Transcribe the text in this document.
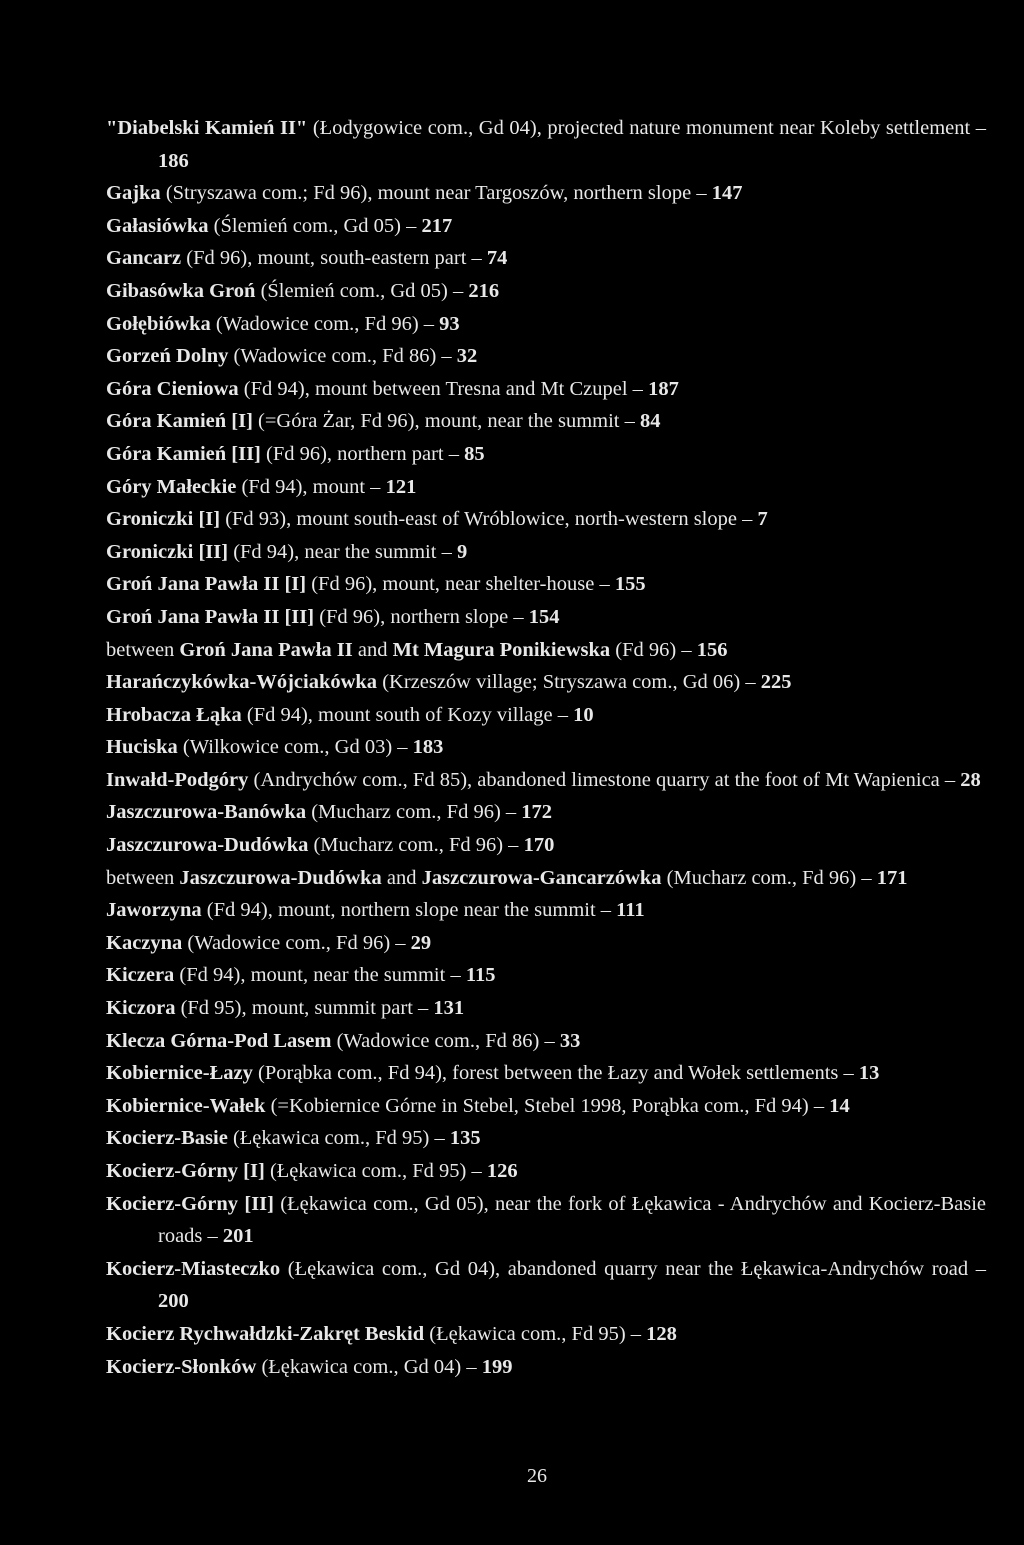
"Diabelski Kamień II" (Łodygowice com., Gd 04), projected nature monument near Koleby settlement – 186

Gajka (Stryszawa com.; Fd 96), mount near Targoszów, northern slope – 147

Gałasiówka (Ślemień com., Gd 05) – 217

Gancarz (Fd 96), mount, south-eastern part – 74

Gibasówka Groń (Ślemień com., Gd 05) – 216

Gołębiówka (Wadowice com., Fd 96) – 93

Gorzeń Dolny (Wadowice com., Fd 86) – 32

Góra Cieniowa (Fd 94), mount between Tresna and Mt Czupel – 187

Góra Kamień [I] (=Góra Żar, Fd 96), mount, near the summit – 84

Góra Kamień [II] (Fd 96), northern part – 85

Góry Małeckie (Fd 94), mount – 121

Groniczki [I] (Fd 93), mount south-east of Wróblowice, north-western slope – 7

Groniczki [II] (Fd 94), near the summit – 9

Groń Jana Pawła II [I] (Fd 96), mount, near shelter-house – 155

Groń Jana Pawła II [II] (Fd 96), northern slope – 154

between Groń Jana Pawła II and Mt Magura Ponikiewska (Fd 96) – 156

Harańczykówka-Wójciakówka (Krzeszów village; Stryszawa com., Gd 06) – 225

Hrobacza Łąka (Fd 94), mount south of Kozy village – 10

Huciska (Wilkowice com., Gd 03) – 183

Inwałd-Podgóry (Andrychów com., Fd 85), abandoned limestone quarry at the foot of Mt Wapienica – 28

Jaszczurowa-Banówka (Mucharz com., Fd 96) – 172

Jaszczurowa-Dudówka (Mucharz com., Fd 96) – 170

between Jaszczurowa-Dudówka and Jaszczurowa-Gancarzówka (Mucharz com., Fd 96) – 171

Jaworzyna (Fd 94), mount, northern slope near the summit – 111

Kaczyna (Wadowice com., Fd 96) – 29

Kiczera (Fd 94), mount, near the summit – 115

Kiczora (Fd 95), mount, summit part – 131

Klecza Górna-Pod Lasem (Wadowice com., Fd 86) – 33

Kobiernice-Łazy (Porąbka com., Fd 94), forest between the Łazy and Wołek settlements – 13

Kobiernice-Wałek (=Kobiernice Górne in Stebel, Stebel 1998, Porąbka com., Fd 94) – 14

Kocierz-Basie (Łękawica com., Fd 95) – 135

Kocierz-Górny [I] (Łękawica com., Fd 95) – 126

Kocierz-Górny [II] (Łękawica com., Gd 05), near the fork of Łękawica - Andrychów and Kocierz-Basie roads – 201

Kocierz-Miasteczko (Łękawica com., Gd 04), abandoned quarry near the Łękawica-Andrychów road – 200

Kocierz Rychwałdzki-Zakręt Beskid (Łękawica com., Fd 95) – 128

Kocierz-Słonków (Łękawica com., Gd 04) – 199

26
